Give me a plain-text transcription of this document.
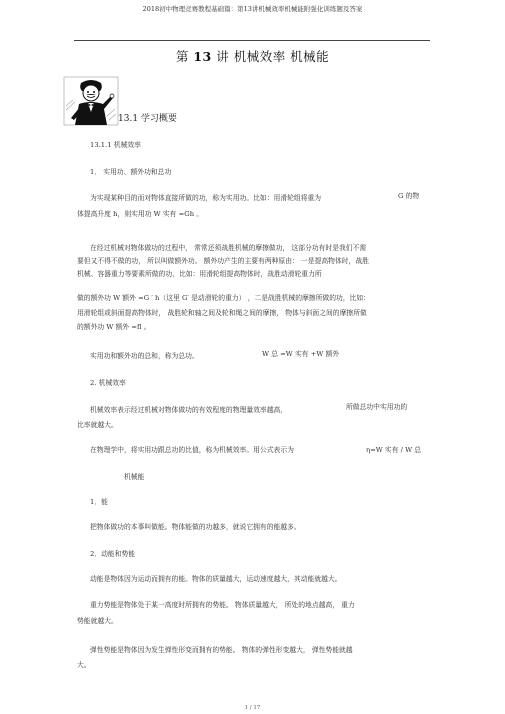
2018初中物理竞赛教程基础篇：第13讲机械效率机械能附强化训练题及答案
第 13 讲 机械效率 机械能
13.1 学习概要
13.1.1 机械效率
1． 实用功、额外功和总功
为实现某种目的而对物体直接所做的功，称为实用功。比如：用滑轮组将重为	G 的物
体提高升度 h，则实用功 W 实有 =Gh 。
在经过机械对物体做功的过程中， 常常还须战胜机械的摩擦做功， 这部分功有时是我们不需
要但又不得不做的功， 所以叫做额外功。 额外功产生的主要有两种原由： 一是提高物体时，战胜
机械、容器重力等要素所做的功，比如：用滑轮组提高物体时，战胜动滑轮重力所
做的额外功 W 额外 =G ′ h（这里 G′ 是动滑轮的重力） ，二是战胜机械的摩擦所做的功，比如：
用滑轮组或斜面提高物体时， 战胜轮和轴之间及轮和绳之间的摩擦， 物体与斜面之间的摩擦所做
的额外功 W 额外 =fl 。
实用功和额外功的总和，称为总功。	W 总 =W 实有 +W 额外
2. 机械效率
机械效率表示经过机械对物体做功的有效程度的物理量效率越高，	所做总功中实用功的
比率就越大。
在物理学中，将实用功跟总功的比值，称为机械效率。用公式表示为	η=W 实有 / W 总
机械能
1．能
把物体做功的本事叫做能。物体能做的功越多，就说它拥有的能越多。
2．动能和势能
动能是物体因为运动而拥有的能。物体的质量越大，运动速度越大，其动能就越大。
重力势能是物体处于某一高度时所拥有的势能。 物体质量越大， 所处的地点越高， 重力
势能就越大。
弹性势能是物体因为发生弹性形变而拥有的势能。 物体的弹性形变越大， 弹性势能就越
大。
1 / 17
